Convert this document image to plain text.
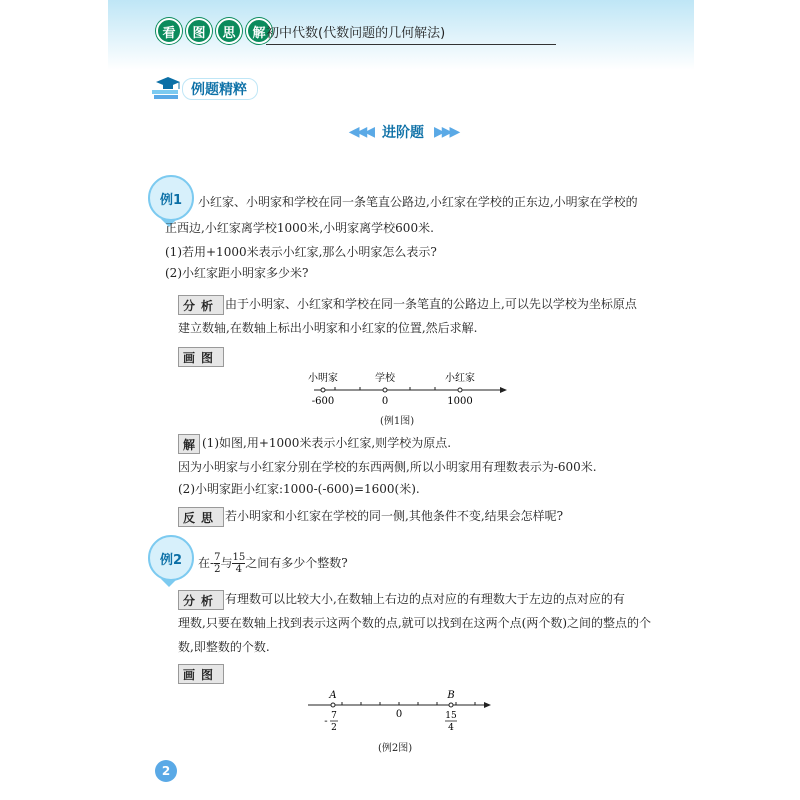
看	图	思	解 初中代数(代数问题的几何解法)
例题精粹
◀◀◀ 进阶题 ▶▶▶
例1	小红家、小明家和学校在同一条笔直公路边,小红家在学校的正东边,小明家在学校的
正西边,小红家离学校1000米,小明家离学校600米.
(1)若用+1000米表示小红家,那么小明家怎么表示?
(2)小红家距小明家多少米?
分析 由于小明家、小红家和学校在同一条笔直的公路边上,可以先以学校为坐标原点
建立数轴,在数轴上标出小明家和小红家的位置,然后求解.
画图
小明家	学校	小红家
-600	0	1000
(例1图)
解 (1)如图,用+1000米表示小红家,则学校为原点.
因为小明家与小红家分别在学校的东西两侧,所以小明家用有理数表示为-600米.
(2)小明家距小红家:1000-(-600)=1600(米).
反思 若小明家和小红家在学校的同一侧,其他条件不变,结果会怎样呢?
例2	在- $\frac{7}{2}$ 与 $\frac{15}{4}$ 之间有多少个整数?
分析 有理数可以比较大小,在数轴上右边的点对应的有理数大于左边的点对应的有
理数,只要在数轴上找到表示这两个数的点,就可以找到在这两个点(两个数)之间的整点的个
数,即整数的个数.
画图
A	B
0
- 7
2
15
4
(例2图)
2
